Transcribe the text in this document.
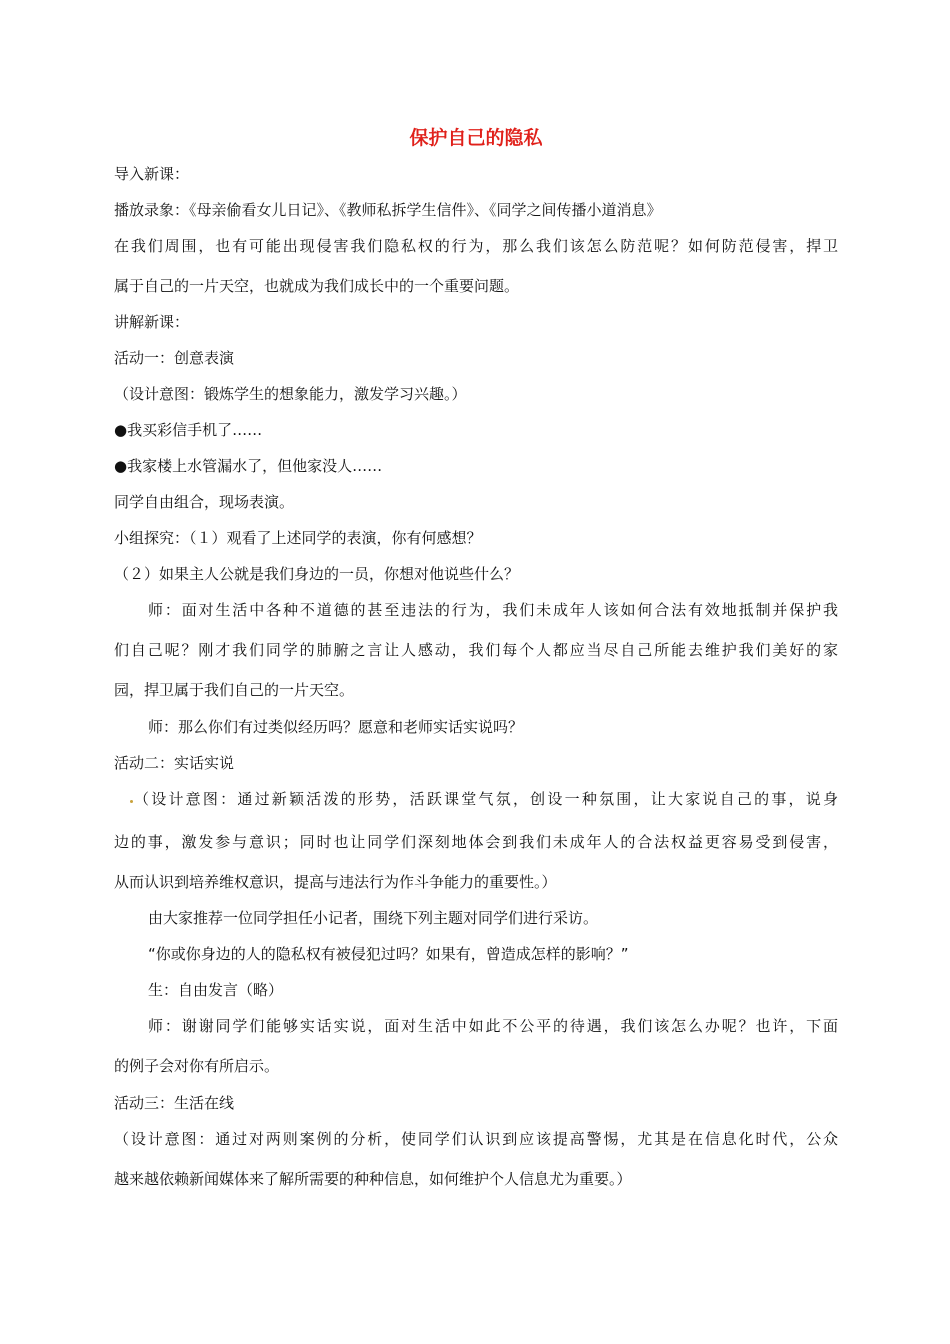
保护自己的隐私
导入新课：
播放录象：《母亲偷看女儿日记》、《教师私拆学生信件》、《同学之间传播小道消息》
在我们周围，也有可能出现侵害我们隐私权的行为，那么我们该怎么防范呢？如何防范侵害，捍卫
属于自己的一片天空，也就成为我们成长中的一个重要问题。
讲解新课：
活动一：创意表演
（设计意图：锻炼学生的想象能力，激发学习兴趣。）
●我买彩信手机了……
●我家楼上水管漏水了，但他家没人……
同学自由组合，现场表演。
小组探究：（１）观看了上述同学的表演，你有何感想？
（２）如果主人公就是我们身边的一员，你想对他说些什么？
师：面对生活中各种不道德的甚至违法的行为，我们未成年人该如何合法有效地抵制并保护我
们自己呢？刚才我们同学的肺腑之言让人感动，我们每个人都应当尽自己所能去维护我们美好的家
园，捍卫属于我们自己的一片天空。
师：那么你们有过类似经历吗？愿意和老师实话实说吗？
活动二：实话实说
（设计意图：通过新颖活泼的形势，活跃课堂气氛，创设一种氛围，让大家说自己的事，说身
边的事，激发参与意识；同时也让同学们深刻地体会到我们未成年人的合法权益更容易受到侵害，
从而认识到培养维权意识，提高与违法行为作斗争能力的重要性。）
由大家推荐一位同学担任小记者，围绕下列主题对同学们进行采访。
“你或你身边的人的隐私权有被侵犯过吗？如果有，曾造成怎样的影响？”
生：自由发言（略）
师：谢谢同学们能够实话实说，面对生活中如此不公平的待遇，我们该怎么办呢？也许，下面
的例子会对你有所启示。
活动三：生活在线
（设计意图：通过对两则案例的分析，使同学们认识到应该提高警惕，尤其是在信息化时代，公众
越来越依赖新闻媒体来了解所需要的种种信息，如何维护个人信息尤为重要。）
